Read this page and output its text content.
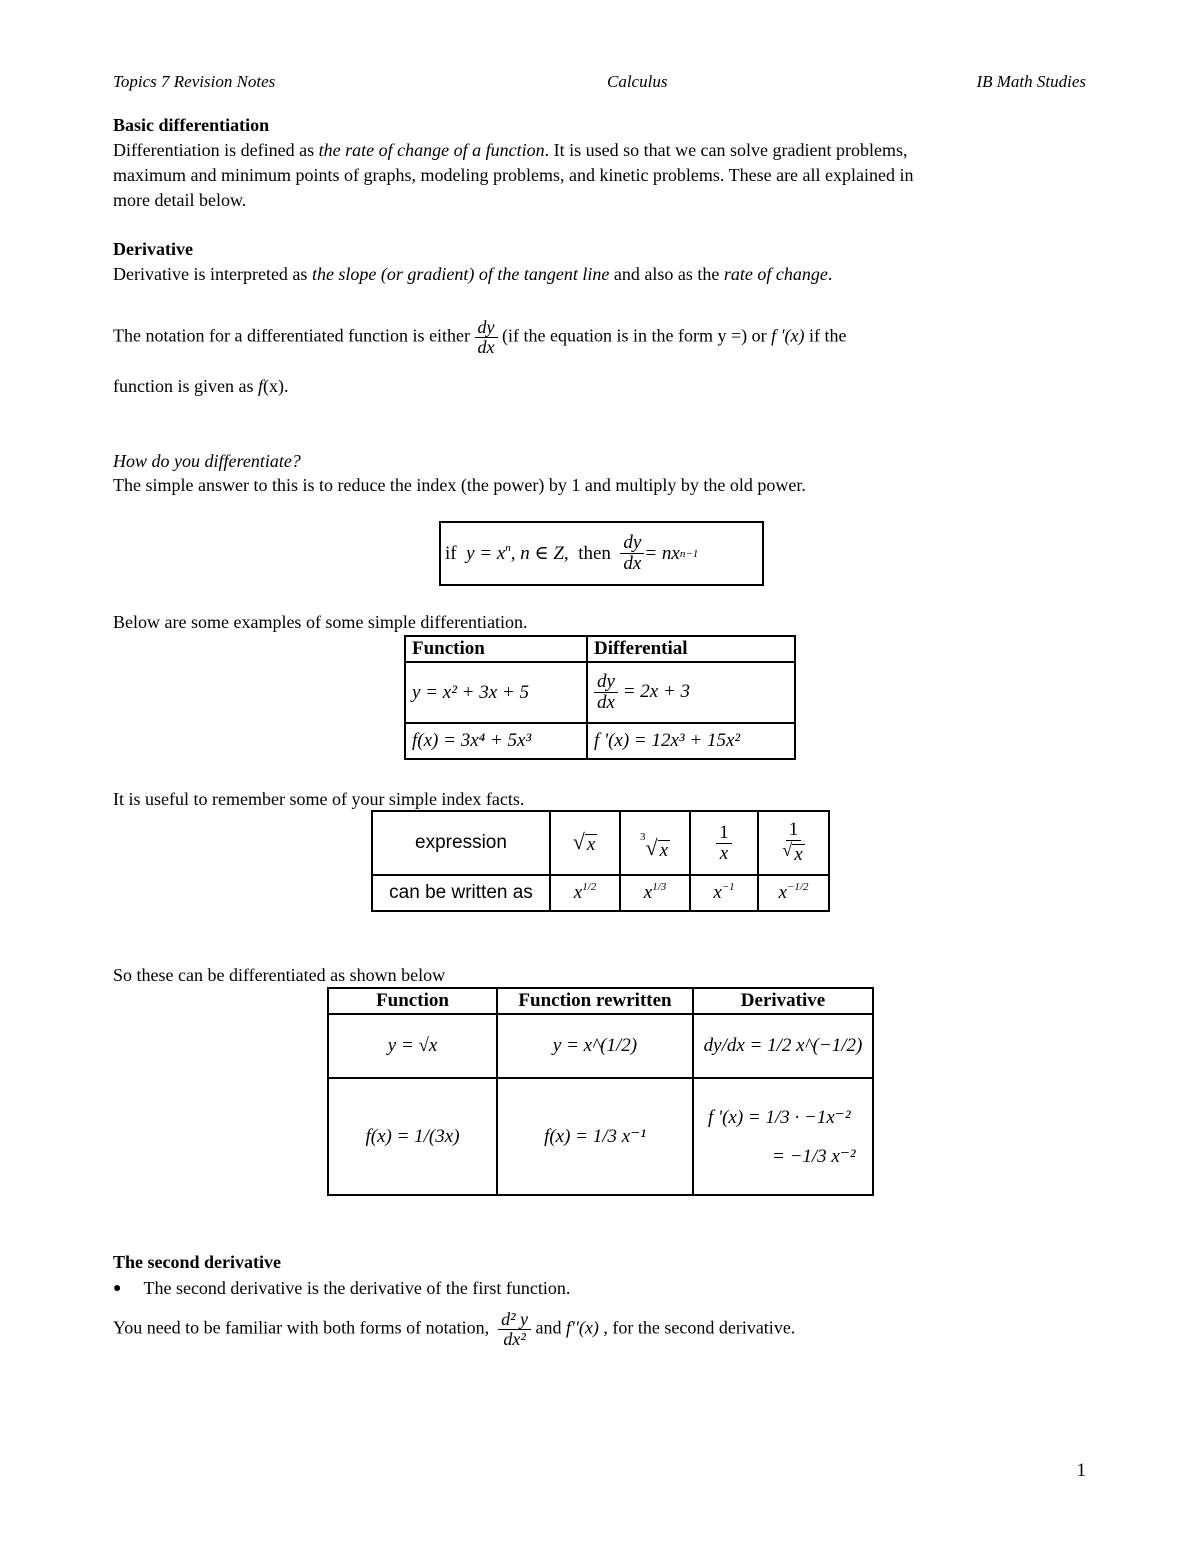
Topics 7 Revision Notes	Calculus	IB Math Studies
Basic differentiation
Differentiation is defined as the rate of change of a function. It is used so that we can solve gradient problems,
maximum and minimum points of graphs, modeling problems, and kinetic problems. These are all explained in
more detail below.
Derivative
Derivative is interpreted as the slope (or gradient) of the tangent line and also as the rate of change.
The notation for a differentiated function is either $\frac{dy}{dx} (if$ the equation is in the form y =) or f '(x) if the
function is given as f(x).
How do you differentiate?
The simple answer to this is to reduce the index (the power) by 1 and multiply by the old power.
if
$y = x^n$ , n ∈ Z,
then
$\frac{dy}{dx}$ = nx n−1
Below are some examples of some simple differentiation.
Function	Differential
y = x² + 3x + 5	$\frac{dy}{dx} = 2x + 3$
f(x) = 3x⁴ + 5x³	f '(x) = 12x³ + 15x²
It is useful to remember some of your simple index facts.
expression	√ x	3 √ x	$\frac{1}{x}$	$\frac{1}{√ x}$

can be written as	$x^{1/2}$	$x^{1/3}$	$x^{-1}$	$x^{-1/2}$
So these can be differentiated as shown below
Function	Function rewritten	Derivative
y = √x	y = x^(1/2)	dy/dx = 1/2 x^(−1/2)
f(x) = 1/(3x)	f(x) = 1/3 x⁻¹	f '(x) = 1/3 · −1x⁻²
= −1/3 x⁻²
The second derivative
● The second derivative is the derivative of the first function.
You need to be familiar with both forms of notation, $\frac{\text{d² y}}{\text{dx²}}$ and f′′(x) , for the second derivative.
1
